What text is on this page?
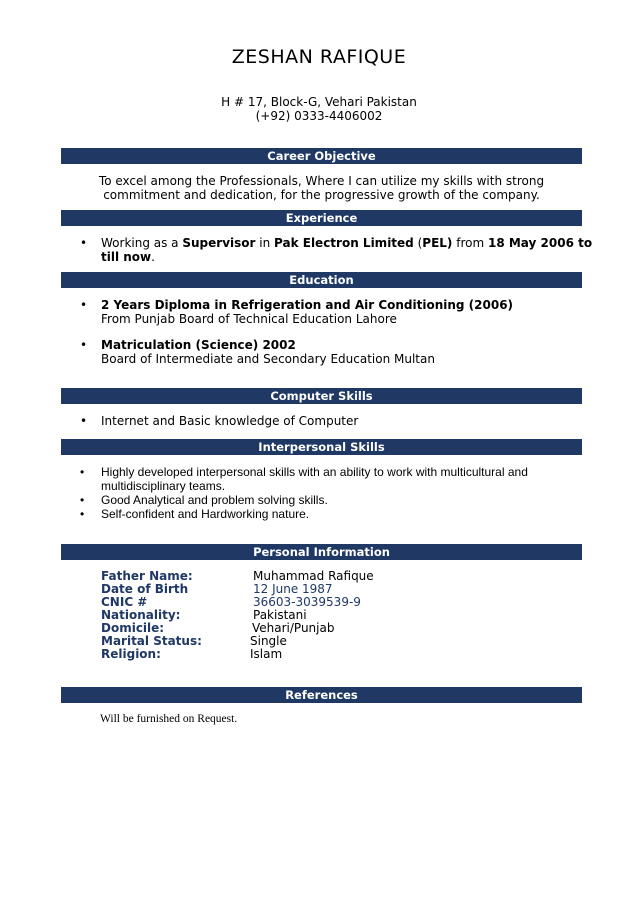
ZESHAN RAFIQUE
H # 17, Block-G, Vehari Pakistan
(+92) 0333-4406002
Career Objective
To excel among the Professionals, Where I can utilize my skills with strong commitment and dedication, for the progressive growth of the company.
Experience
• Working as a Supervisor in Pak Electron Limited (PEL) from 18 May 2006 to till now.
Education
• 2 Years Diploma in Refrigeration and Air Conditioning (2006)
From Punjab Board of Technical Education Lahore
• Matriculation (Science) 2002
Board of Intermediate and Secondary Education Multan
Computer Skills
• Internet and Basic knowledge of Computer
Interpersonal Skills
• Highly developed interpersonal skills with an ability to work with multicultural and multidisciplinary teams.
• Good Analytical and problem solving skills.
• Self-confident and Hardworking nature.
Personal Information
Father Name:	Muhammad Rafique
Date of Birth	12 June 1987
CNIC #	36603-3039539-9
Nationality:	Pakistani
Domicile:	Vehari/Punjab
Marital Status:	Single
Religion:	Islam
References
Will be furnished on Request.
